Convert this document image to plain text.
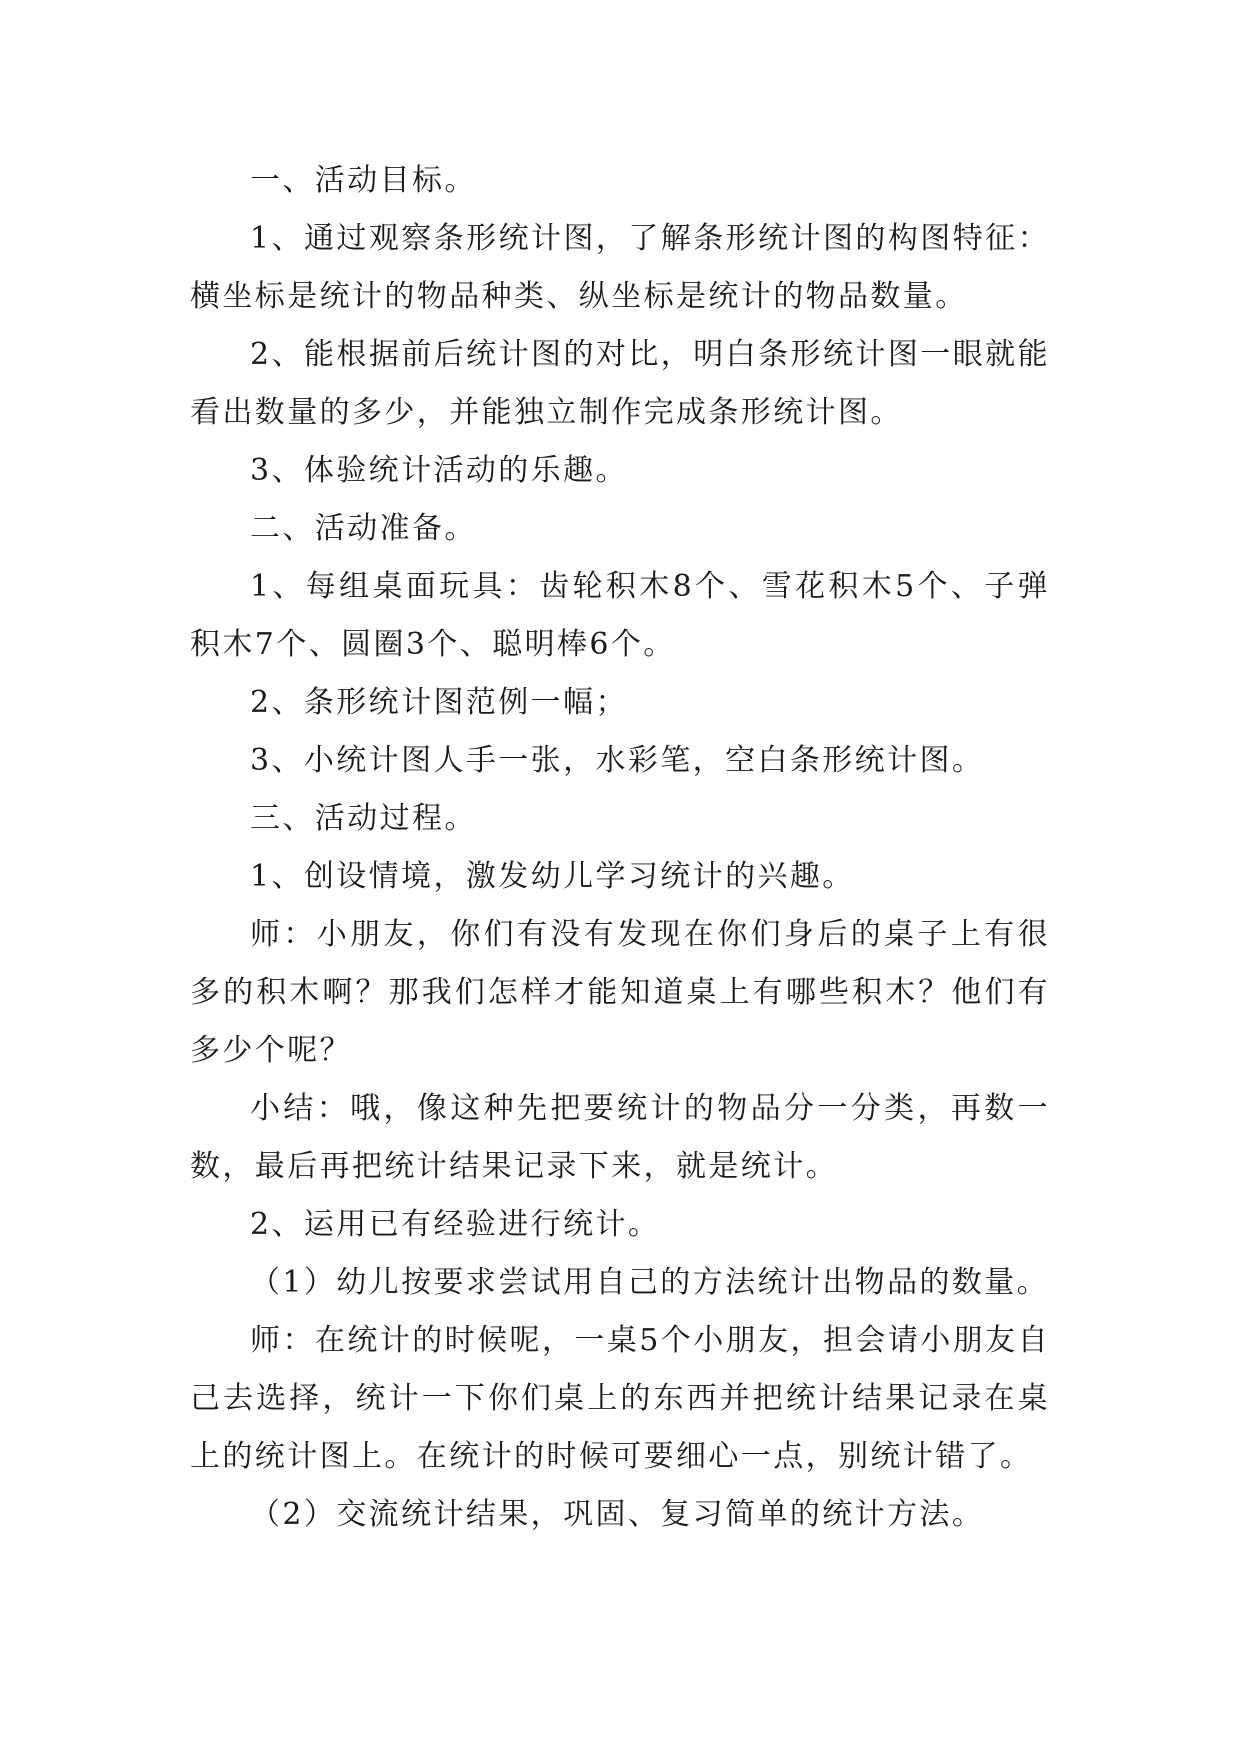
一、活动目标。

1、通过观察条形统计图，了解条形统计图的构图特征：横坐标是统计的物品种类、纵坐标是统计的物品数量。

2、能根据前后统计图的对比，明白条形统计图一眼就能看出数量的多少，并能独立制作完成条形统计图。

3、体验统计活动的乐趣。

二、活动准备。

1、每组桌面玩具：齿轮积木8个、雪花积木5个、子弹积木7个、圆圈3个、聪明棒6个。

2、条形统计图范例一幅；

3、小统计图人手一张，水彩笔，空白条形统计图。

三、活动过程。

1、创设情境，激发幼儿学习统计的兴趣。

师：小朋友，你们有没有发现在你们身后的桌子上有很多的积木啊？那我们怎样才能知道桌上有哪些积木？他们有多少个呢？

小结：哦，像这种先把要统计的物品分一分类，再数一数，最后再把统计结果记录下来，就是统计。

2、运用已有经验进行统计。

（1）幼儿按要求尝试用自己的方法统计出物品的数量。

师：在统计的时候呢，一桌5个小朋友，担会请小朋友自己去选择，统计一下你们桌上的东西并把统计结果记录在桌上的统计图上。在统计的时候可要细心一点，别统计错了。

（2）交流统计结果，巩固、复习简单的统计方法。
